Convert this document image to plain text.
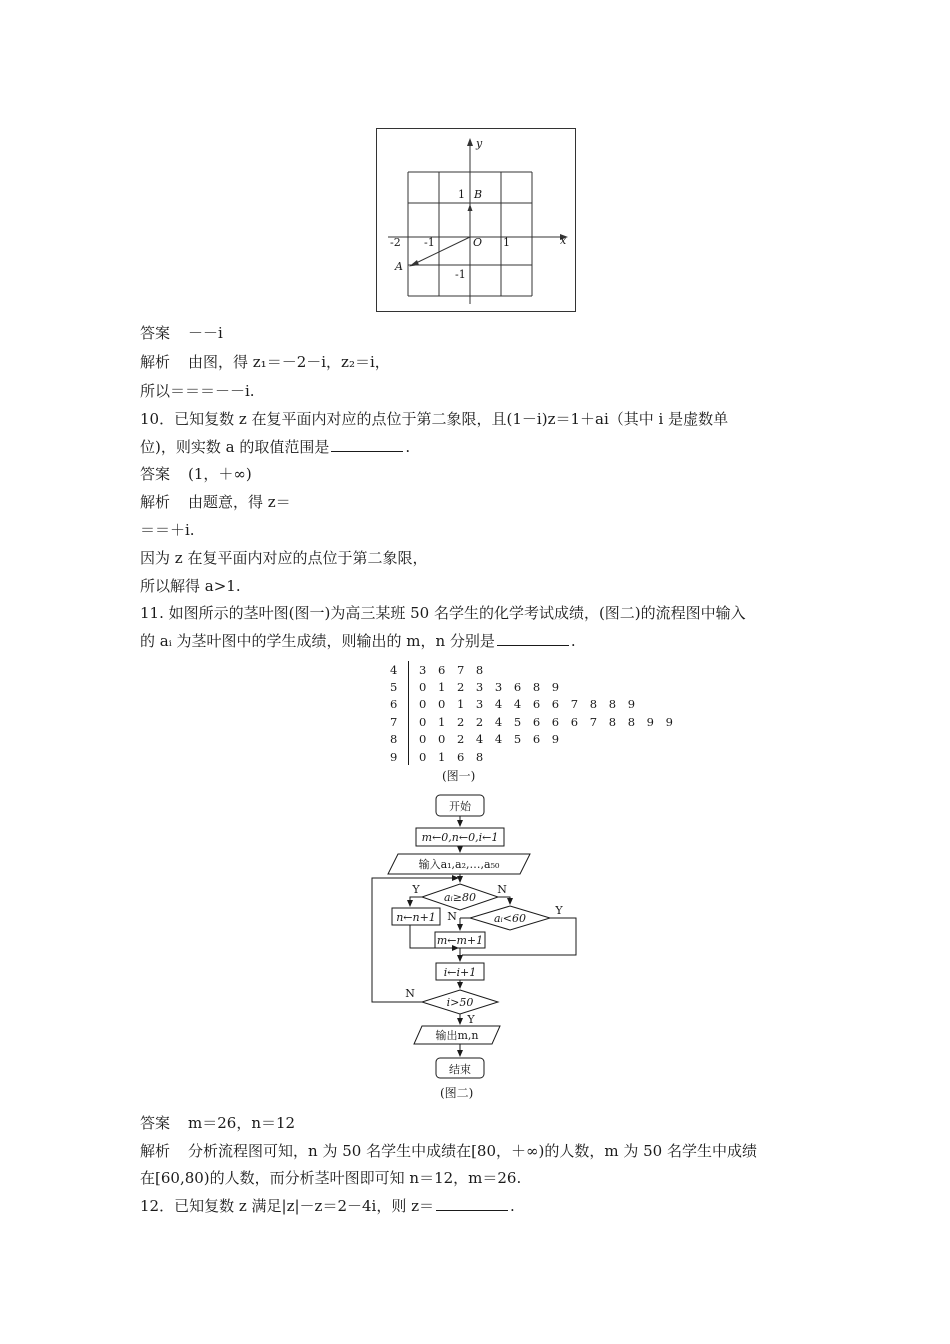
y
x
B
1
O
-2 -1	1
A
-1
答案 －－i
解析 由图，得 z₁＝－2－i，z₂＝i，
所以＝＝＝－－i.
10．已知复数 z 在复平面内对应的点位于第二象限，且(1－i)z＝1＋ai（其中 i 是虚数单
位)，则实数 a 的取值范围是	.
答案 (1，＋∞)
解析 由题意，得 z＝
＝＝＋i.
因为 z 在复平面内对应的点位于第二象限，
所以解得 a>1.
11. 如图所示的茎叶图(图一)为高三某班 50 名学生的化学考试成绩，(图二)的流程图中输入
的 aᵢ 为茎叶图中的学生成绩，则输出的 m，n 分别是	.
4	3 6 7 8
5	0 1 2 3 3 6 8 9
6	0 0 1 3 4 4 6 6 7 8 8 9
7	0 1 2 2 4 5 6 6 6 7 8 8 9 9
8	0 0 2 4 4 5 6 9
9	0 1 6 8
(图一)
开始
m←0,n←0,i←1
输入a₁,a₂,…,a₅₀
aᵢ≥80
aᵢ<60
n←n+1
m←m+1
i←i+1
i>50
输出m,n
结束
Y	N
N	Y
N
Y
(图二)
答案 m＝26，n＝12
解析 分析流程图可知，n 为 50 名学生中成绩在[80，＋∞)的人数，m 为 50 名学生中成绩
在[60,80)的人数，而分析茎叶图即可知 n＝12，m＝26.
12．已知复数 z 满足|z|－z＝2－4i，则 z＝	.
